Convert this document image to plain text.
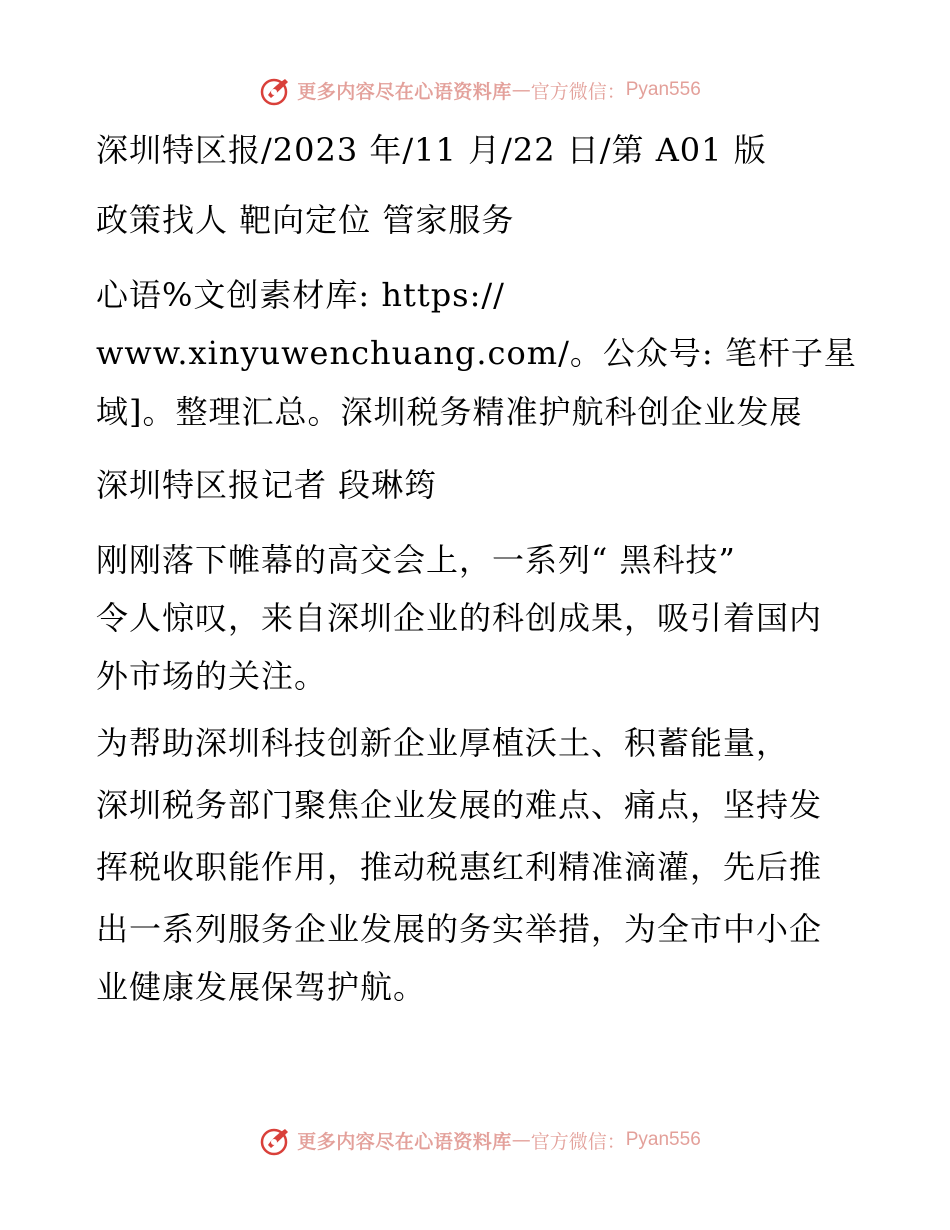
更多内容尽在心语资料库 — 官方微信： Pyan556
深圳特区报/2023 年/11 月/22 日/第 A01 版
政策找人 靶向定位 管家服务
心语%文创素材库: https://
www.xinyuwenchuang.com/。公众号: 笔杆子星
域]。整理汇总。深圳税务精准护航科创企业发展
深圳特区报记者 段琳筠
刚刚落下帷幕的高交会上，一系列“ 黑科技”
令人惊叹，来自深圳企业的科创成果，吸引着国内
外市场的关注。
为帮助深圳科技创新企业厚植沃土、积蓄能量，
深圳税务部门聚焦企业发展的难点、痛点，坚持发
挥税收职能作用，推动税惠红利精准滴灌，先后推
出一系列服务企业发展的务实举措，为全市中小企
业健康发展保驾护航。
更多内容尽在心语资料库 — 官方微信： Pyan556
